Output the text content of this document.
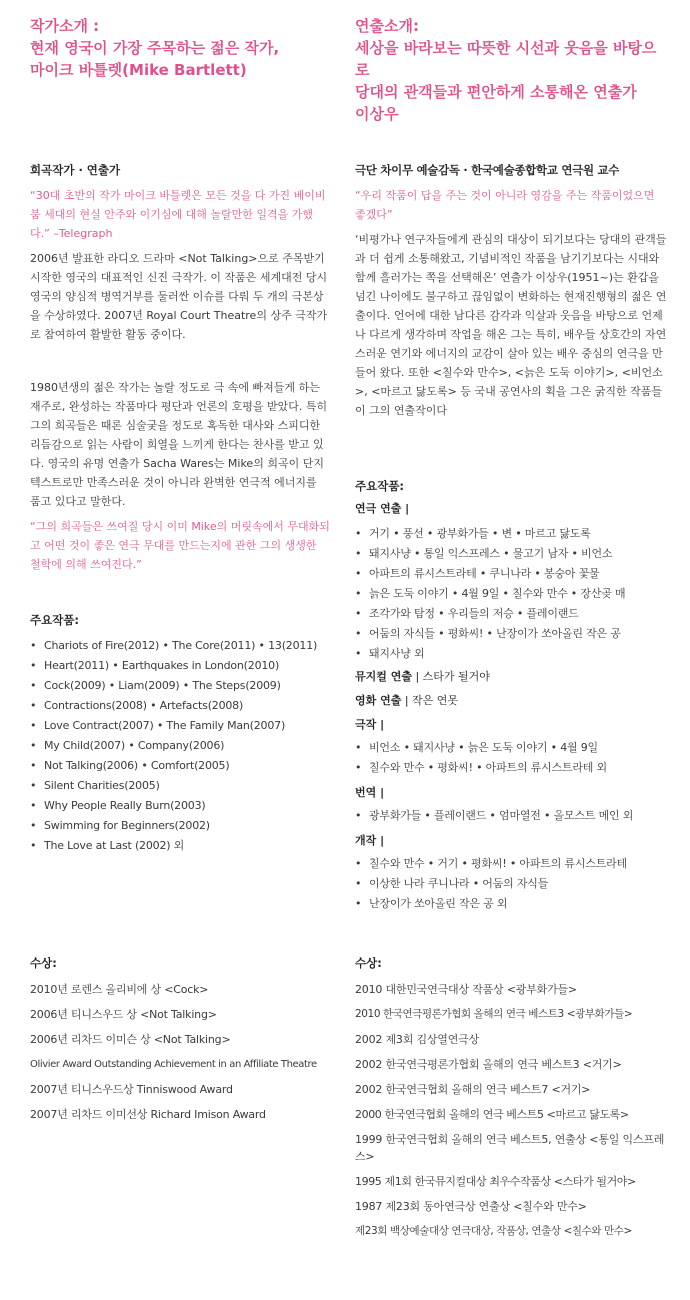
작가소개 :
현재 영국이 가장 주목하는 젊은 작가,
마이크 바틀렛(Mike Bartlett)

희곡작가 · 연출가

“30대 초반의 작가 마이크 바틀렛은 모든 것을 다 가진 베이비붐 세대의 현실 안주와 이기심에 대해 놀랄만한 일격을 가했다.” –Telegraph

2006년 발표한 라디오 드라마 <Not Talking>으로 주목받기 시작한 영국의 대표적인 신진 극작가. 이 작품은 세계대전 당시 영국의 양심적 병역거부를 둘러싼 이슈를 다뤄 두 개의 극본상을 수상하였다. 2007년 Royal Court Theatre의 상주 극작가로 참여하여 활발한 활동 중이다.

1980년생의 젊은 작가는 놀랄 정도로 극 속에 빠져들게 하는 재주로, 완성하는 작품마다 평단과 언론의 호평을 받았다. 특히 그의 희곡들은 때론 심술궂을 정도로 혹독한 대사와 스피디한 리듬감으로 읽는 사람이 희열을 느끼게 한다는 찬사를 받고 있다. 영국의 유명 연출가 Sacha Wares는 Mike의 희곡이 단지 텍스트로만 만족스러운 것이 아니라 완벽한 연극적 에너지를 품고 있다고 말한다.

“그의 희곡들은 쓰여질 당시 이미 Mike의 머릿속에서 무대화되고 어떤 것이 좋은 연극 무대를 만드는지에 관한 그의 생생한 철학에 의해 쓰여진다.”

주요작품:

• Chariots of Fire(2012) • The Core(2011) • 13(2011)
• Heart(2011) • Earthquakes in London(2010)
• Cock(2009) • Liam(2009) • The Steps(2009)
• Contractions(2008) • Artefacts(2008)
• Love Contract(2007) • The Family Man(2007)
• My Child(2007) • Company(2006)
• Not Talking(2006) • Comfort(2005)
• Silent Charities(2005)
• Why People Really Burn(2003)
• Swimming for Beginners(2002)
• The Love at Last (2002) 외

수상:

2010년 로렌스 올리비에 상 <Cock>
2006년 티니스우드 상 <Not Talking>
2006년 리차드 이미슨 상 <Not Talking>
Olivier Award Outstanding Achievement in an Affiliate Theatre
2007년 티니스우드상 Tinniswood Award
2007년 리차드 이미선상 Richard Imison Award
연출소개:
세상을 바라보는 따뜻한 시선과 웃음을 바탕으로
당대의 관객들과 편안하게 소통해온 연출가
이상우

극단 차이무 예술감독 · 한국예술종합학교 연극원 교수

“우리 작품이 답을 주는 것이 아니라 영감을 주는 작품이었으면 좋겠다”

‘비평가나 연구자들에게 관심의 대상이 되기보다는 당대의 관객들과 더 쉽게 소통해왔고, 기념비적인 작품을 남기기보다는 시대와 함께 흘러가는 쪽을 선택해온’ 연출가 이상우(1951~)는 환갑을 넘긴 나이에도 불구하고 끊임없이 변화하는 현재진행형의 젊은 연출이다. 언어에 대한 남다른 감각과 익살과 웃음을 바탕으로 언제나 다르게 생각하며 작업을 해온 그는 특히, 배우들 상호간의 자연스러운 연기와 에너지의 교감이 살아 있는 배우 중심의 연극을 만들어 왔다. 또한 <칠수와 만수>, <늙은 도둑 이야기>, <비언소>, <마르고 닳도록> 등 국내 공연사의 획을 그은 굵직한 작품들이 그의 연출작이다

주요작품:

연극 연출 |

• 거기 • 풍선 • 광부화가들 • 변 • 마르고 닳도록
• 돼지사냥 • 통일 익스프레스 • 물고기 남자 • 비언소
• 아파트의 류시스트라테 • 쿠니나라 • 봉숭아 꽃물
• 늙은 도둑 이야기 • 4월 9일 • 칠수와 만수 • 장산곶 매
• 조각가와 탐정 • 우리들의 저승 • 플레이랜드
• 어둠의 자식들 • 평화씨! • 난장이가 쏘아올린 작은 공
• 돼지사냥 외

뮤지컬 연출 | 스타가 될거야

영화 연출 | 작은 연못

극작 |

• 비언소 • 돼지사냥 • 늙은 도둑 이야기 • 4월 9일
• 칠수와 만수 • 평화씨! • 아파트의 류시스트라테 외

번역 |

• 광부화가들 • 플레이랜드 • 엄마열전 • 올모스트 메인 외

개작 |

• 칠수와 만수 • 거기 • 평화씨! • 아파트의 류시스트라테
• 이상한 나라 쿠니나라 • 어둠의 자식들
• 난장이가 쏘아올린 작은 공 외

수상:

2010 대한민국연극대상 작품상 <광부화가들>
2010 한국연극평론가협회 올해의 연극 베스트3 <광부화가들>
2002 제3회 김상열연극상
2002 한국연극평론가협회 올해의 연극 베스트3 <거기>
2002 한국연극협회 올해의 연극 베스트7 <거기>
2000 한국연극협회 올해의 연극 베스트5 <마르고 닳도록>
1999 한국연극협회 올해의 연극 베스트5, 연출상 <통일 익스프레스>
1995 제1회 한국뮤지컬대상 최우수작품상 <스타가 될거야>
1987 제23회 동아연극상 연출상 <칠수와 만수>
제23회 백상예술대상 연극대상, 작품상, 연출상 <칠수와 만수>
